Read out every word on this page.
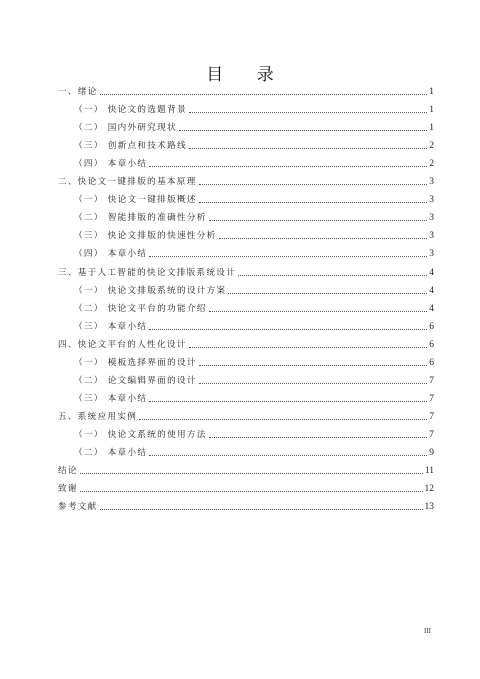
目 录
一、绪论	1
（一） 快论文的选题背景	1
（二） 国内外研究现状	1
（三） 创新点和技术路线	2
（四） 本章小结	2
二、快论文一键排版的基本原理	3
（一） 快论文一键排版概述	3
（二） 智能排版的准确性分析	3
（三） 快论文排版的快速性分析	3
（四） 本章小结	3
三、基于人工智能的快论文排版系统设计	4
（一） 快论文排版系统的设计方案	4
（二） 快论文平台的功能介绍	4
（三） 本章小结	6
四、快论文平台的人性化设计	6
（一） 模板选择界面的设计	6
（二） 论文编辑界面的设计	7
（三） 本章小结	7
五、系统应用实例	7
（一） 快论文系统的使用方法	7
（二） 本章小结	9
结论	11
致谢	12
参考文献	13
III
